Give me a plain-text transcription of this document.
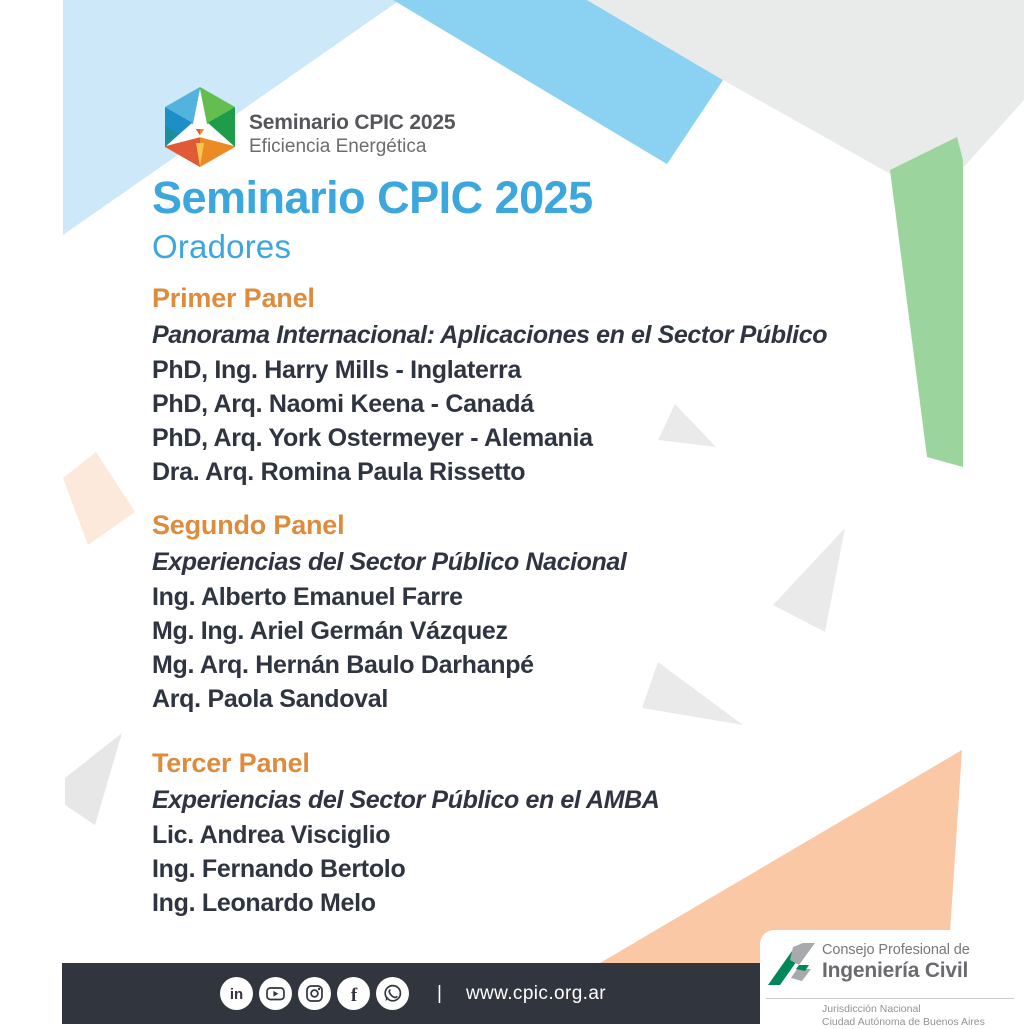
Seminario CPIC 2025
Eficiencia Energética
Seminario CPIC 2025
Oradores
Primer Panel

Panorama Internacional: Aplicaciones en el Sector Público

PhD, Ing. Harry Mills - Inglaterra
PhD, Arq. Naomi Keena - Canadá
PhD, Arq. York Ostermeyer - Alemania
Dra. Arq. Romina Paula Rissetto
Segundo Panel

Experiencias del Sector Público Nacional

Ing. Alberto Emanuel Farre
Mg. Ing. Ariel Germán Vázquez
Mg. Arq. Hernán Baulo Darhanpé
Arq. Paola Sandoval
Tercer Panel

Experiencias del Sector Público en el AMBA

Lic. Andrea Visciglio
Ing. Fernando Bertolo
Ing. Leonardo Melo
in	f	| www.cpic.org.ar
Consejo Profesional de
Ingeniería Civil
Jurisdicción Nacional
Ciudad Autónoma de Buenos Aires
